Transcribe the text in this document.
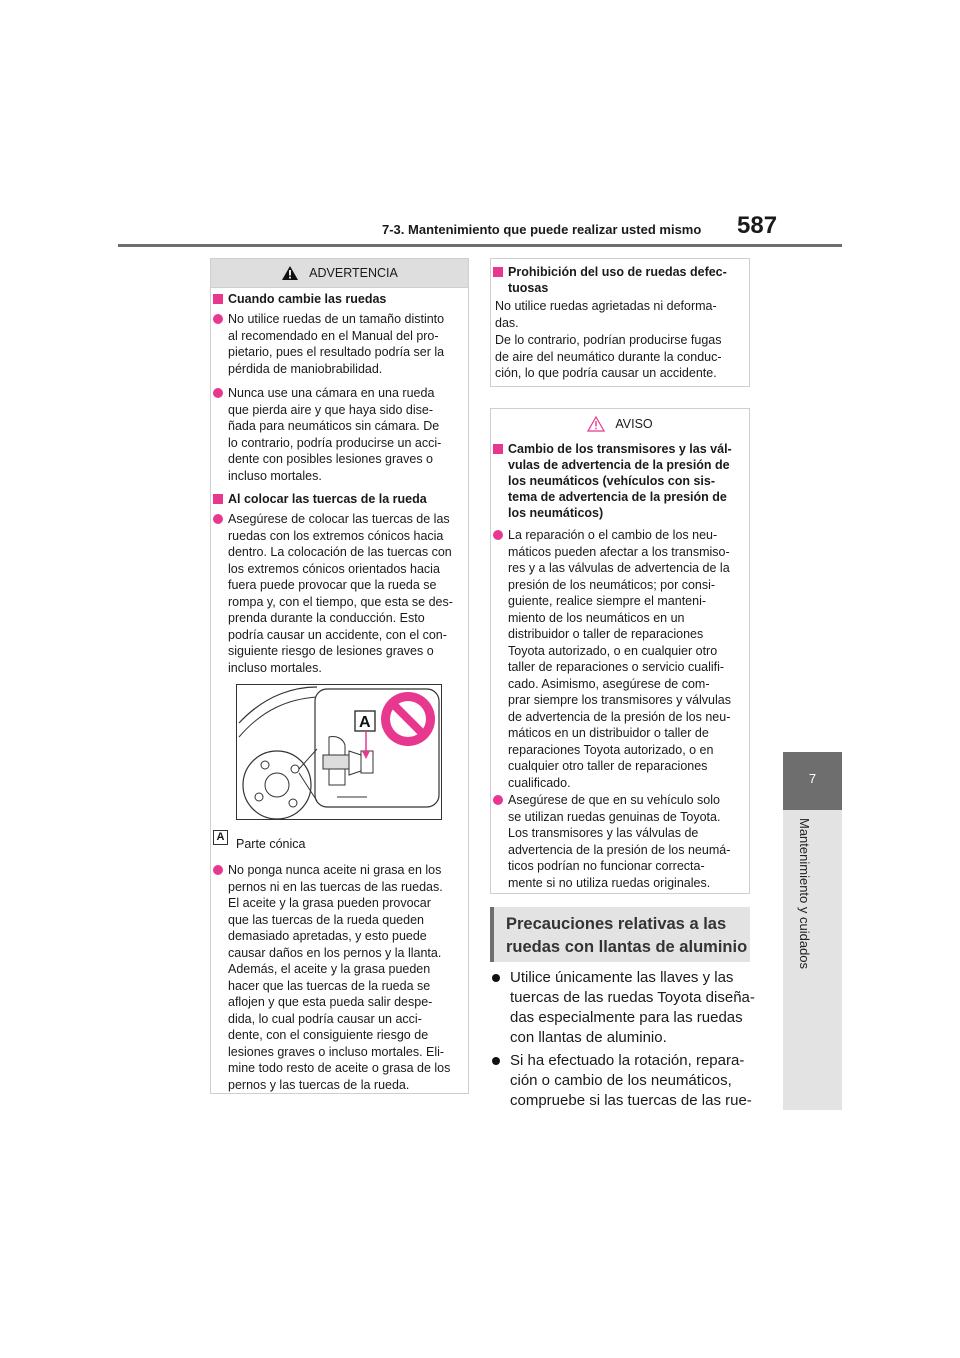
7-3. Mantenimiento que puede realizar usted mismo 587
7
Mantenimiento y cuidados
ADVERTENCIA
Cuando cambie las ruedas
No utilice ruedas de un tamaño distinto
al recomendado en el Manual del pro-
pietario, pues el resultado podría ser la
pérdida de maniobrabilidad.
Nunca use una cámara en una rueda
que pierda aire y que haya sido dise-
ñada para neumáticos sin cámara. De
lo contrario, podría producirse un acci-
dente con posibles lesiones graves o
incluso mortales.
Al colocar las tuercas de la rueda
Asegúrese de colocar las tuercas de las
ruedas con los extremos cónicos hacia
dentro. La colocación de las tuercas con
los extremos cónicos orientados hacia
fuera puede provocar que la rueda se
rompa y, con el tiempo, que esta se des-
prenda durante la conducción. Esto
podría causar un accidente, con el con-
siguiente riesgo de lesiones graves o
incluso mortales.
A
A Parte cónica
No ponga nunca aceite ni grasa en los
pernos ni en las tuercas de las ruedas.
El aceite y la grasa pueden provocar
que las tuercas de la rueda queden
demasiado apretadas, y esto puede
causar daños en los pernos y la llanta.
Además, el aceite y la grasa pueden
hacer que las tuercas de la rueda se
aflojen y que esta pueda salir despe-
dida, lo cual podría causar un acci-
dente, con el consiguiente riesgo de
lesiones graves o incluso mortales. Eli-
mine todo resto de aceite o grasa de los
pernos y las tuercas de la rueda.
Prohibición del uso de ruedas defec-
tuosas
No utilice ruedas agrietadas ni deforma-
das.
De lo contrario, podrían producirse fugas
de aire del neumático durante la conduc-
ción, lo que podría causar un accidente.
AVISO
Cambio de los transmisores y las vál-
vulas de advertencia de la presión de
los neumáticos (vehículos con sis-
tema de advertencia de la presión de
los neumáticos)
La reparación o el cambio de los neu-
máticos pueden afectar a los transmiso-
res y a las válvulas de advertencia de la
presión de los neumáticos; por consi-
guiente, realice siempre el manteni-
miento de los neumáticos en un
distribuidor o taller de reparaciones
Toyota autorizado, o en cualquier otro
taller de reparaciones o servicio cualifi-
cado. Asimismo, asegúrese de com-
prar siempre los transmisores y válvulas
de advertencia de la presión de los neu-
máticos en un distribuidor o taller de
reparaciones Toyota autorizado, o en
cualquier otro taller de reparaciones
cualificado.
Asegúrese de que en su vehículo solo
se utilizan ruedas genuinas de Toyota.
Los transmisores y las válvulas de
advertencia de la presión de los neumá-
ticos podrían no funcionar correcta-
mente si no utiliza ruedas originales.
Precauciones relativas a las
ruedas con llantas de aluminio
Utilice únicamente las llaves y las
tuercas de las ruedas Toyota diseña-
das especialmente para las ruedas
con llantas de aluminio.
Si ha efectuado la rotación, repara-
ción o cambio de los neumáticos,
compruebe si las tuercas de las rue-
